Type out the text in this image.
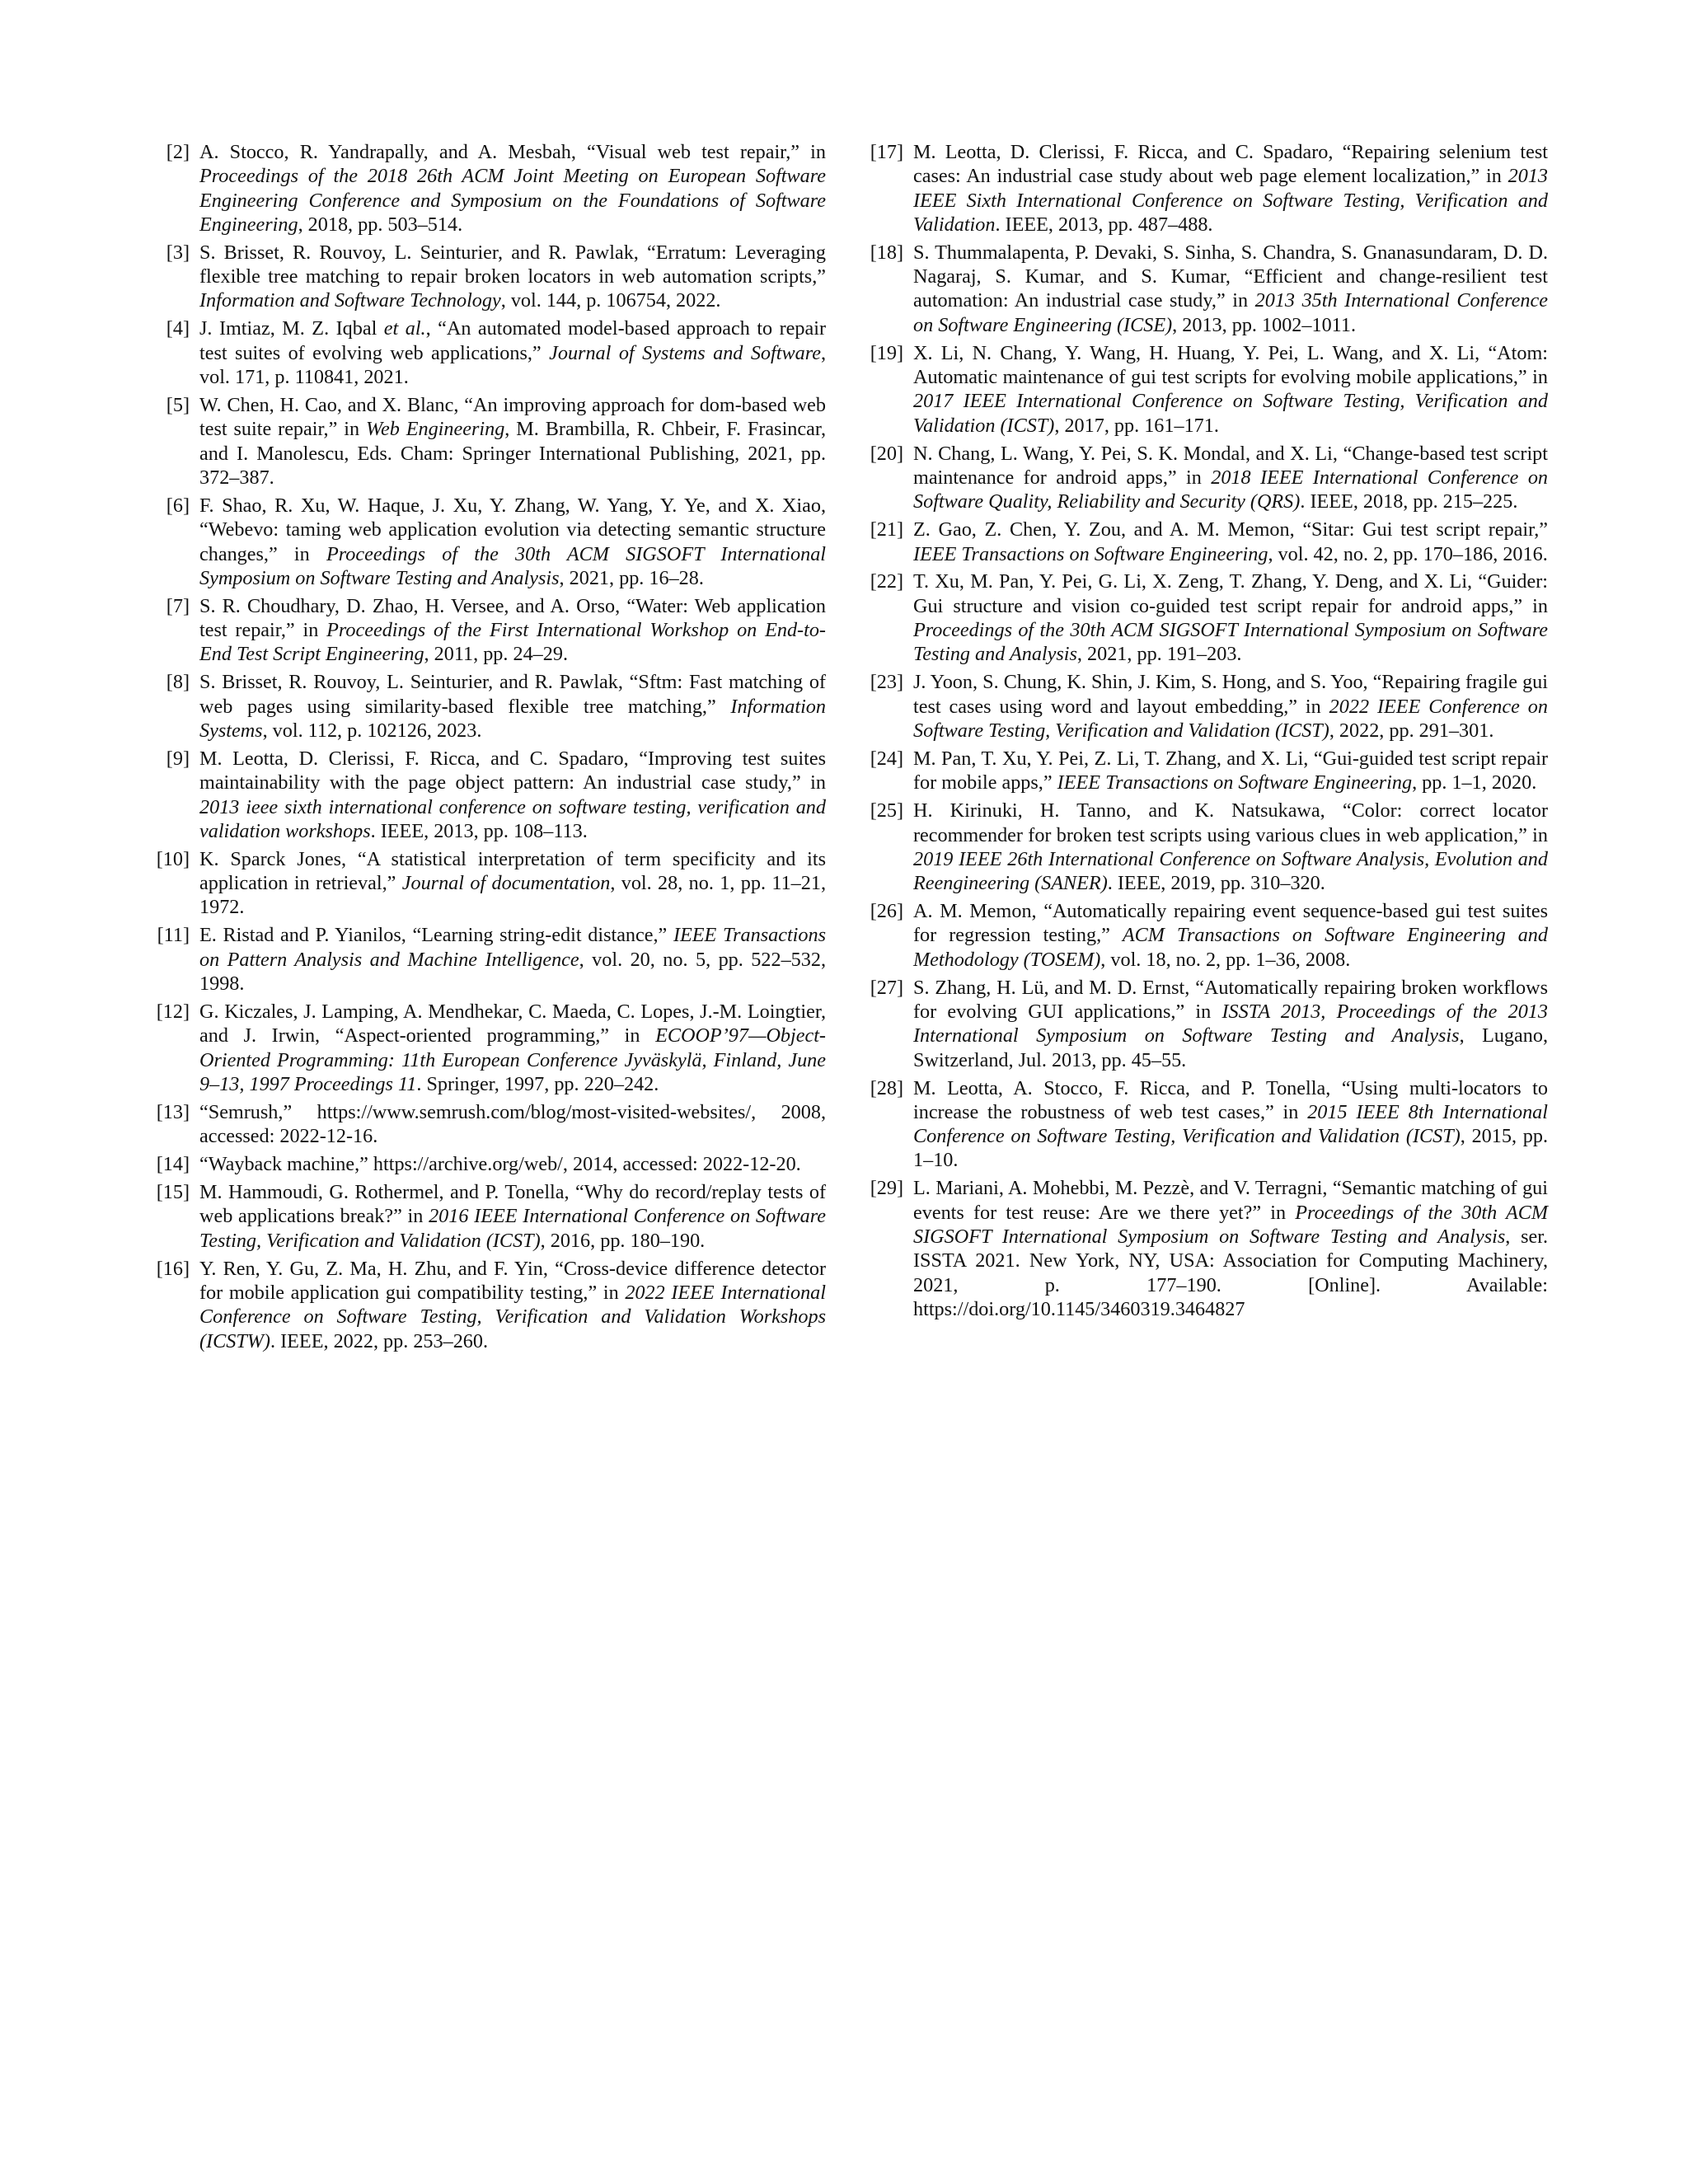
[2] A. Stocco, R. Yandrapally, and A. Mesbah, “Visual web test repair,” in Proceedings of the 2018 26th ACM Joint Meeting on European Software Engineering Conference and Symposium on the Foundations of Software Engineering, 2018, pp. 503–514.
[3] S. Brisset, R. Rouvoy, L. Seinturier, and R. Pawlak, “Erratum: Leveraging flexible tree matching to repair broken locators in web automation scripts,” Information and Software Technology, vol. 144, p. 106754, 2022.
[4] J. Imtiaz, M. Z. Iqbal et al., “An automated model-based approach to repair test suites of evolving web applications,” Journal of Systems and Software, vol. 171, p. 110841, 2021.
[5] W. Chen, H. Cao, and X. Blanc, “An improving approach for dom-based web test suite repair,” in Web Engineering, M. Brambilla, R. Chbeir, F. Frasincar, and I. Manolescu, Eds. Cham: Springer International Publishing, 2021, pp. 372–387.
[6] F. Shao, R. Xu, W. Haque, J. Xu, Y. Zhang, W. Yang, Y. Ye, and X. Xiao, “Webevo: taming web application evolution via detecting semantic structure changes,” in Proceedings of the 30th ACM SIGSOFT International Symposium on Software Testing and Analysis, 2021, pp. 16–28.
[7] S. R. Choudhary, D. Zhao, H. Versee, and A. Orso, “Water: Web application test repair,” in Proceedings of the First International Workshop on End-to-End Test Script Engineering, 2011, pp. 24–29.
[8] S. Brisset, R. Rouvoy, L. Seinturier, and R. Pawlak, “Sftm: Fast matching of web pages using similarity-based flexible tree matching,” Information Systems, vol. 112, p. 102126, 2023.
[9] M. Leotta, D. Clerissi, F. Ricca, and C. Spadaro, “Improving test suites maintainability with the page object pattern: An industrial case study,” in 2013 ieee sixth international conference on software testing, verification and validation workshops. IEEE, 2013, pp. 108–113.
[10] K. Sparck Jones, “A statistical interpretation of term specificity and its application in retrieval,” Journal of documentation, vol. 28, no. 1, pp. 11–21, 1972.
[11] E. Ristad and P. Yianilos, “Learning string-edit distance,” IEEE Transactions on Pattern Analysis and Machine Intelligence, vol. 20, no. 5, pp. 522–532, 1998.
[12] G. Kiczales, J. Lamping, A. Mendhekar, C. Maeda, C. Lopes, J.-M. Loingtier, and J. Irwin, “Aspect-oriented programming,” in ECOOP’97—Object-Oriented Programming: 11th European Conference Jyväskylä, Finland, June 9–13, 1997 Proceedings 11. Springer, 1997, pp. 220–242.
[13] “Semrush,” https://www.semrush.com/blog/most-visited-websites/, 2008, accessed: 2022-12-16.
[14] “Wayback machine,” https://archive.org/web/, 2014, accessed: 2022-12-20.
[15] M. Hammoudi, G. Rothermel, and P. Tonella, “Why do record/replay tests of web applications break?” in 2016 IEEE International Conference on Software Testing, Verification and Validation (ICST), 2016, pp. 180–190.
[16] Y. Ren, Y. Gu, Z. Ma, H. Zhu, and F. Yin, “Cross-device difference detector for mobile application gui compatibility testing,” in 2022 IEEE International Conference on Software Testing, Verification and Validation Workshops (ICSTW). IEEE, 2022, pp. 253–260.
[17] M. Leotta, D. Clerissi, F. Ricca, and C. Spadaro, “Repairing selenium test cases: An industrial case study about web page element localization,” in 2013 IEEE Sixth International Conference on Software Testing, Verification and Validation. IEEE, 2013, pp. 487–488.
[18] S. Thummalapenta, P. Devaki, S. Sinha, S. Chandra, S. Gnanasundaram, D. D. Nagaraj, S. Kumar, and S. Kumar, “Efficient and change-resilient test automation: An industrial case study,” in 2013 35th International Conference on Software Engineering (ICSE), 2013, pp. 1002–1011.
[19] X. Li, N. Chang, Y. Wang, H. Huang, Y. Pei, L. Wang, and X. Li, “Atom: Automatic maintenance of gui test scripts for evolving mobile applications,” in 2017 IEEE International Conference on Software Testing, Verification and Validation (ICST), 2017, pp. 161–171.
[20] N. Chang, L. Wang, Y. Pei, S. K. Mondal, and X. Li, “Change-based test script maintenance for android apps,” in 2018 IEEE International Conference on Software Quality, Reliability and Security (QRS). IEEE, 2018, pp. 215–225.
[21] Z. Gao, Z. Chen, Y. Zou, and A. M. Memon, “Sitar: Gui test script repair,” IEEE Transactions on Software Engineering, vol. 42, no. 2, pp. 170–186, 2016.
[22] T. Xu, M. Pan, Y. Pei, G. Li, X. Zeng, T. Zhang, Y. Deng, and X. Li, “Guider: Gui structure and vision co-guided test script repair for android apps,” in Proceedings of the 30th ACM SIGSOFT International Symposium on Software Testing and Analysis, 2021, pp. 191–203.
[23] J. Yoon, S. Chung, K. Shin, J. Kim, S. Hong, and S. Yoo, “Repairing fragile gui test cases using word and layout embedding,” in 2022 IEEE Conference on Software Testing, Verification and Validation (ICST), 2022, pp. 291–301.
[24] M. Pan, T. Xu, Y. Pei, Z. Li, T. Zhang, and X. Li, “Gui-guided test script repair for mobile apps,” IEEE Transactions on Software Engineering, pp. 1–1, 2020.
[25] H. Kirinuki, H. Tanno, and K. Natsukawa, “Color: correct locator recommender for broken test scripts using various clues in web application,” in 2019 IEEE 26th International Conference on Software Analysis, Evolution and Reengineering (SANER). IEEE, 2019, pp. 310–320.
[26] A. M. Memon, “Automatically repairing event sequence-based gui test suites for regression testing,” ACM Transactions on Software Engineering and Methodology (TOSEM), vol. 18, no. 2, pp. 1–36, 2008.
[27] S. Zhang, H. Lü, and M. D. Ernst, “Automatically repairing broken workflows for evolving GUI applications,” in ISSTA 2013, Proceedings of the 2013 International Symposium on Software Testing and Analysis, Lugano, Switzerland, Jul. 2013, pp. 45–55.
[28] M. Leotta, A. Stocco, F. Ricca, and P. Tonella, “Using multi-locators to increase the robustness of web test cases,” in 2015 IEEE 8th International Conference on Software Testing, Verification and Validation (ICST), 2015, pp. 1–10.
[29] L. Mariani, A. Mohebbi, M. Pezzè, and V. Terragni, “Semantic matching of gui events for test reuse: Are we there yet?” in Proceedings of the 30th ACM SIGSOFT International Symposium on Software Testing and Analysis, ser. ISSTA 2021. New York, NY, USA: Association for Computing Machinery, 2021, p. 177–190. [Online]. Available: https://doi.org/10.1145/3460319.3464827
